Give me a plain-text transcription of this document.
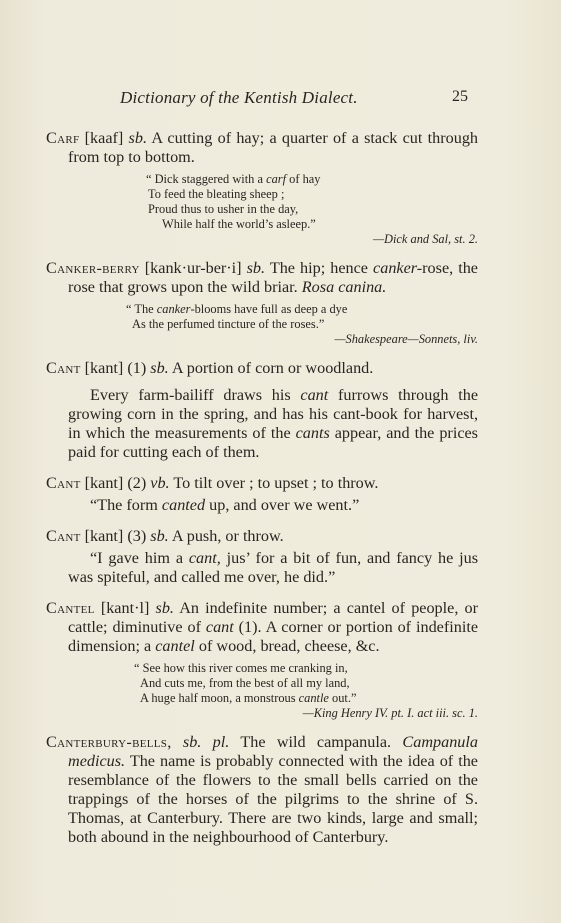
Dictionary of the Kentish Dialect.	25

Carf [kaaf] sb. A cutting of hay; a quarter of a stack cut through from top to bottom.

“ Dick staggered with a carf of hay
To feed the bleating sheep ;
Proud thus to usher in the day,
While half the world’s asleep.”
—Dick and Sal, st. 2.

Canker-berry [kank·ur-ber·i] sb. The hip; hence canker-rose, the rose that grows upon the wild briar. Rosa canina.

“ The canker-blooms have full as deep a dye
As the perfumed tincture of the roses.”
—Shakespeare—Sonnets, liv.

Cant [kant] (1) sb. A portion of corn or woodland.

Every farm-bailiff draws his cant furrows through the growing corn in the spring, and has his cant-book for harvest, in which the measurements of the cants appear, and the prices paid for cutting each of them.

Cant [kant] (2) vb. To tilt over ; to upset ; to throw.

“The form canted up, and over we went.”

Cant [kant] (3) sb. A push, or throw.

“I gave him a cant, jus’ for a bit of fun, and fancy he jus was spiteful, and called me over, he did.”

Cantel [kant·l] sb. An indefinite number; a cantel of people, or cattle; diminutive of cant (1). A corner or portion of indefinite dimension; a cantel of wood, bread, cheese, &c.

“ See how this river comes me cranking in,
And cuts me, from the best of all my land,
A huge half moon, a monstrous cantle out.”
—King Henry IV. pt. I. act iii. sc. 1.

Canterbury-bells, sb. pl. The wild campanula. Campanula medicus. The name is probably connected with the idea of the resemblance of the flowers to the small bells carried on the trappings of the horses of the pilgrims to the shrine of S. Thomas, at Canterbury. There are two kinds, large and small; both abound in the neighbourhood of Canterbury.
